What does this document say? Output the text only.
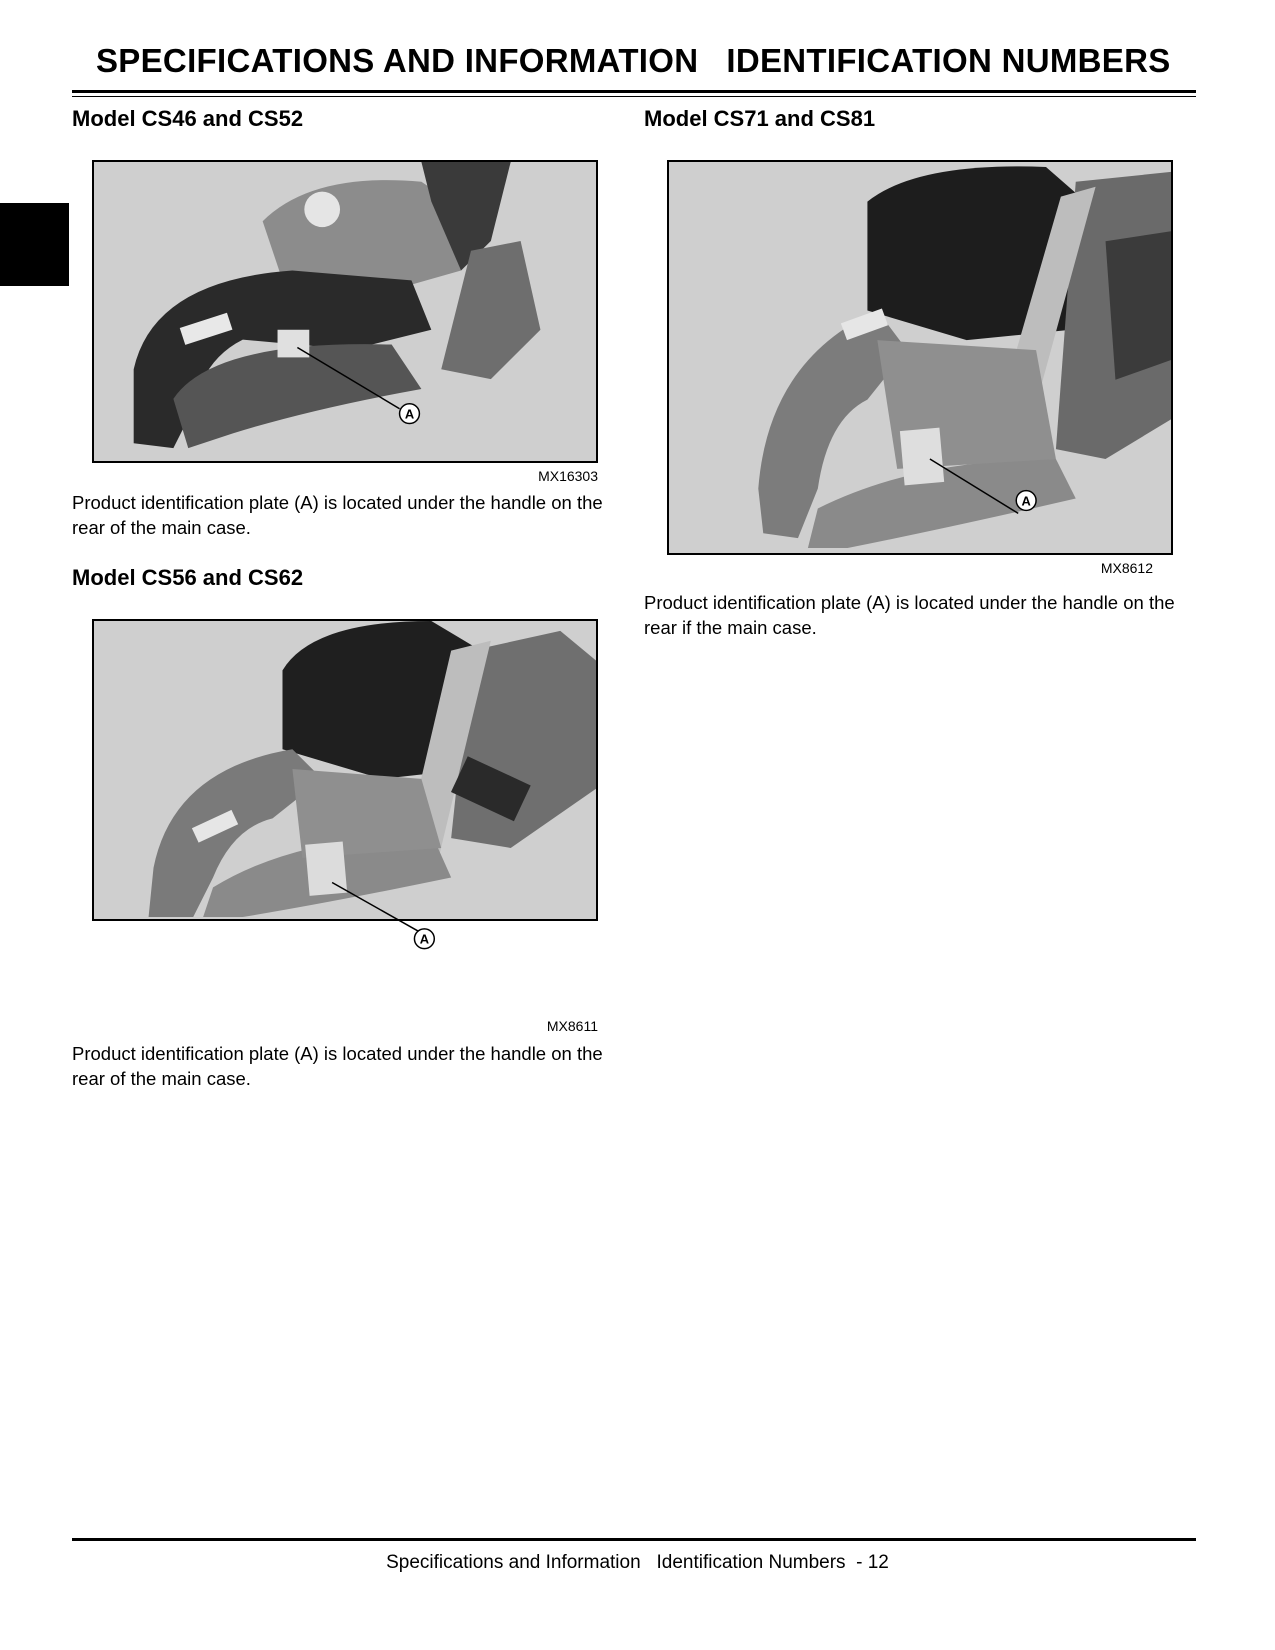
SPECIFICATIONS AND INFORMATION IDENTIFICATION NUMBERS
Model CS46 and CS52
A
MX16303
Product identification plate (A) is located under the handle on the rear of the main case.
Model CS56 and CS62
A
MX8611
Product identification plate (A) is located under the handle on the rear of the main case.
Model CS71 and CS81
A
MX8612
Product identification plate (A) is located under the handle on the rear if the main case.
Specifications and Information Identification Numbers  - 12
